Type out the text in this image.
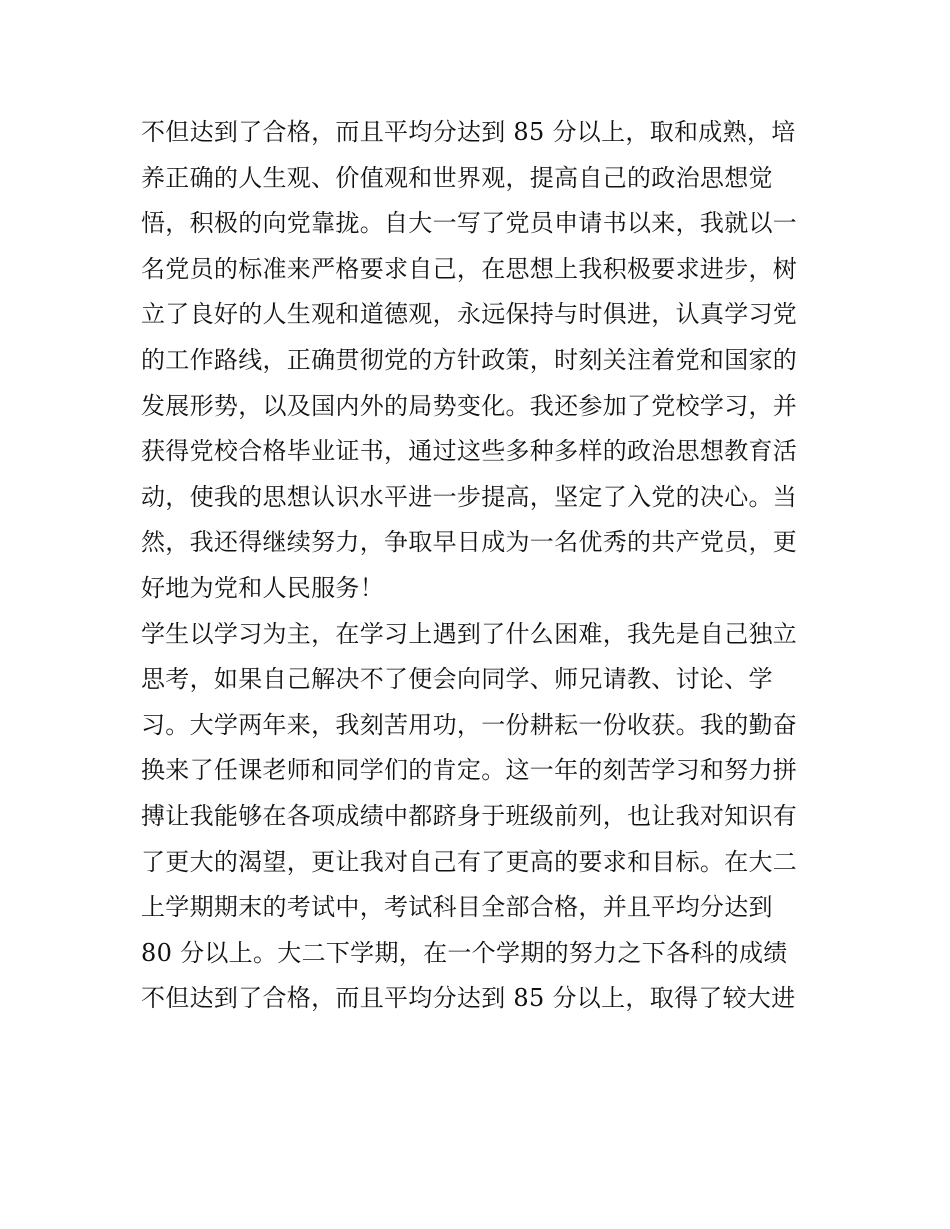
不但达到了合格，而且平均分达到 85 分以上，取和成熟，培
养正确的人生观、价值观和世界观，提高自己的政治思想觉
悟，积极的向党靠拢。自大一写了党员申请书以来，我就以一
名党员的标准来严格要求自己，在思想上我积极要求进步，树
立了良好的人生观和道德观，永远保持与时俱进，认真学习党
的工作路线，正确贯彻党的方针政策，时刻关注着党和国家的
发展形势，以及国内外的局势变化。我还参加了党校学习，并
获得党校合格毕业证书，通过这些多种多样的政治思想教育活
动，使我的思想认识水平进一步提高，坚定了入党的决心。当
然，我还得继续努力，争取早日成为一名优秀的共产党员，更
好地为党和人民服务！
学生以学习为主，在学习上遇到了什么困难，我先是自己独立
思考，如果自己解决不了便会向同学、师兄请教、讨论、学
习。大学两年来，我刻苦用功，一份耕耘一份收获。我的勤奋
换来了任课老师和同学们的肯定。这一年的刻苦学习和努力拼
搏让我能够在各项成绩中都跻身于班级前列，也让我对知识有
了更大的渴望，更让我对自己有了更高的要求和目标。在大二
上学期期末的考试中，考试科目全部合格，并且平均分达到
80 分以上。大二下学期，在一个学期的努力之下各科的成绩
不但达到了合格，而且平均分达到 85 分以上，取得了较大进
